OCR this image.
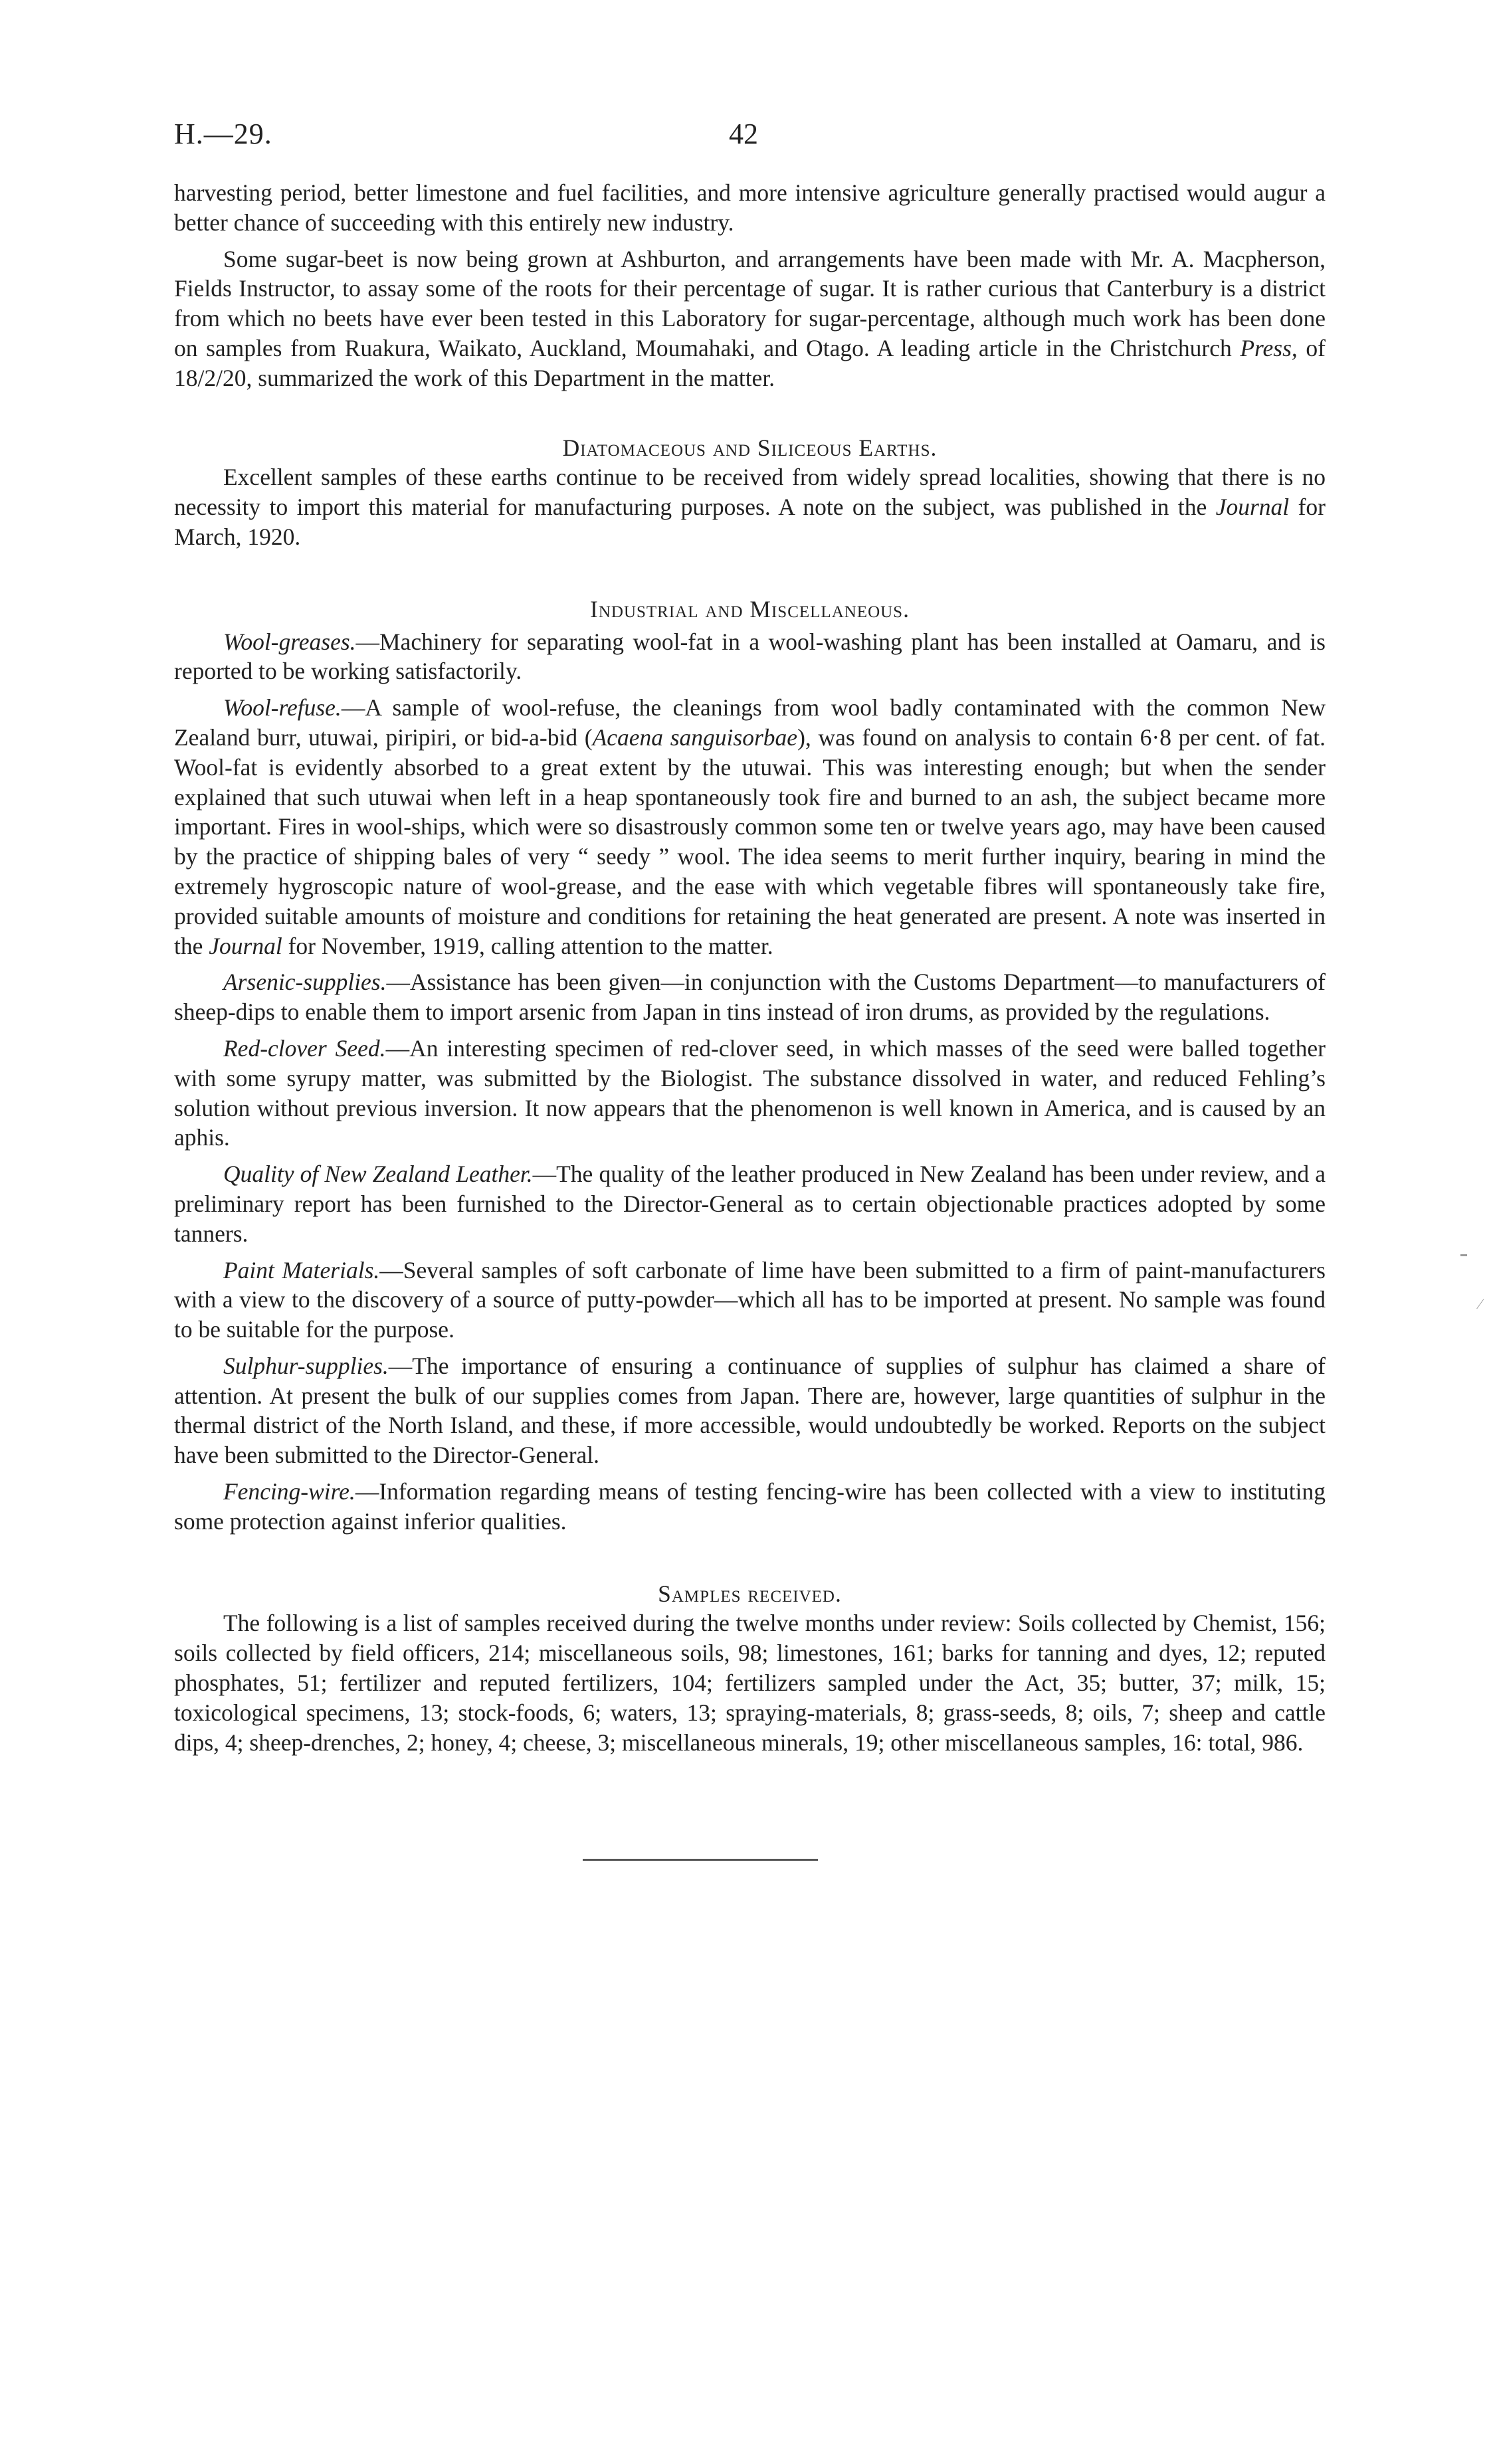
H.—29.	42

harvesting period, better limestone and fuel facilities, and more intensive agriculture generally practised would augur a better chance of succeeding with this entirely new industry.

Some sugar-beet is now being grown at Ashburton, and arrangements have been made with Mr. A. Macpherson, Fields Instructor, to assay some of the roots for their percentage of sugar. It is rather curious that Canterbury is a district from which no beets have ever been tested in this Laboratory for sugar-percentage, although much work has been done on samples from Ruakura, Waikato, Auckland, Moumahaki, and Otago. A leading article in the Christchurch Press, of 18/2/20, summarized the work of this Department in the matter.

Diatomaceous and Siliceous Earths.

Excellent samples of these earths continue to be received from widely spread localities, showing that there is no necessity to import this material for manufacturing purposes. A note on the subject, was published in the Journal for March, 1920.

Industrial and Miscellaneous.

Wool-greases.—Machinery for separating wool-fat in a wool-washing plant has been installed at Oamaru, and is reported to be working satisfactorily.

Wool-refuse.—A sample of wool-refuse, the cleanings from wool badly contaminated with the common New Zealand burr, utuwai, piripiri, or bid-a-bid (Acaena sanguisorbae), was found on analysis to contain 6·8 per cent. of fat. Wool-fat is evidently absorbed to a great extent by the utuwai. This was interesting enough; but when the sender explained that such utuwai when left in a heap spontaneously took fire and burned to an ash, the subject became more important. Fires in wool-ships, which were so disastrously common some ten or twelve years ago, may have been caused by the practice of shipping bales of very “ seedy ” wool. The idea seems to merit further inquiry, bearing in mind the extremely hygroscopic nature of wool-grease, and the ease with which vegetable fibres will spontaneously take fire, provided suitable amounts of moisture and conditions for retaining the heat generated are present. A note was inserted in the Journal for November, 1919, calling attention to the matter.

Arsenic-supplies.—Assistance has been given—in conjunction with the Customs Department—to manufacturers of sheep-dips to enable them to import arsenic from Japan in tins instead of iron drums, as provided by the regulations.

Red-clover Seed.—An interesting specimen of red-clover seed, in which masses of the seed were balled together with some syrupy matter, was submitted by the Biologist. The substance dissolved in water, and reduced Fehling’s solution without previous inversion. It now appears that the phenomenon is well known in America, and is caused by an aphis.

Quality of New Zealand Leather.—The quality of the leather produced in New Zealand has been under review, and a preliminary report has been furnished to the Director-General as to certain objectionable practices adopted by some tanners.

Paint Materials.—Several samples of soft carbonate of lime have been submitted to a firm of paint-manufacturers with a view to the discovery of a source of putty-powder—which all has to be imported at present. No sample was found to be suitable for the purpose.

Sulphur-supplies.—The importance of ensuring a continuance of supplies of sulphur has claimed a share of attention. At present the bulk of our supplies comes from Japan. There are, however, large quantities of sulphur in the thermal district of the North Island, and these, if more accessible, would undoubtedly be worked. Reports on the subject have been submitted to the Director-General.

Fencing-wire.—Information regarding means of testing fencing-wire has been collected with a view to instituting some protection against inferior qualities.

Samples received.

The following is a list of samples received during the twelve months under review: Soils collected by Chemist, 156; soils collected by field officers, 214; miscellaneous soils, 98; limestones, 161; barks for tanning and dyes, 12; reputed phosphates, 51; fertilizer and reputed fertilizers, 104; fertilizers sampled under the Act, 35; butter, 37; milk, 15; toxicological specimens, 13; stock-foods, 6; waters, 13; spraying-materials, 8; grass-seeds, 8; oils, 7; sheep and cattle dips, 4; sheep-drenches, 2; honey, 4; cheese, 3; miscellaneous minerals, 19; other miscellaneous samples, 16: total, 986.

⁄
